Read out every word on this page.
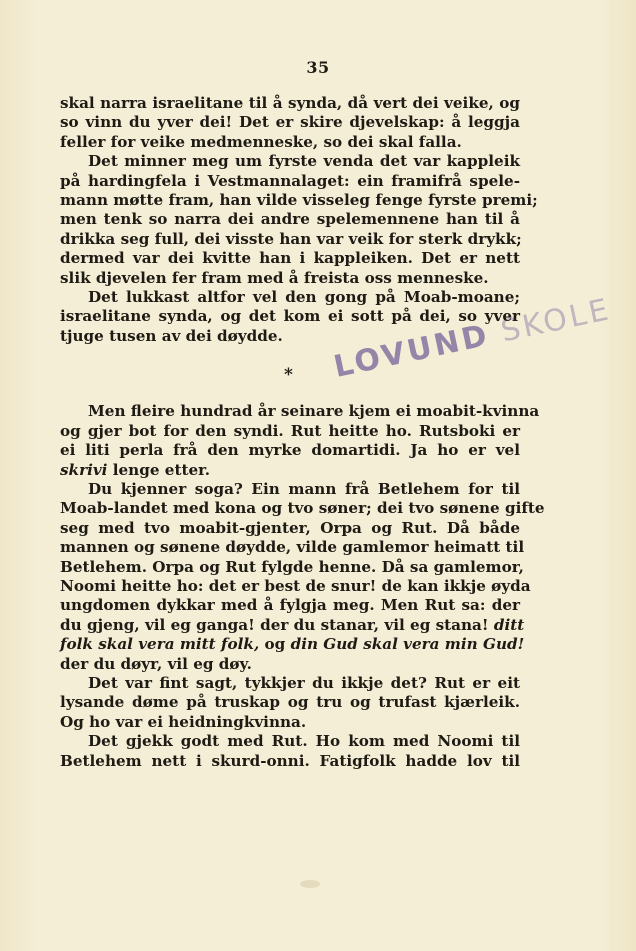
35
LOVUND SKOLE
skal narra israelitane til å synda, då vert dei veike, og
so vinn du yver dei! Det er skire djevelskap: å leggja
feller for veike medmenneske, so dei skal falla.
Det minner meg um fyrste venda det var kappleik
på hardingfela i Vestmannalaget: ein framifrå spele-
mann møtte fram, han vilde visseleg fenge fyrste premi;
men tenk so narra dei andre spelemennene han til å
drikka seg full, dei visste han var veik for sterk drykk;
dermed var dei kvitte han i kappleiken. Det er nett
slik djevelen fer fram med å freista oss menneske.
Det lukkast altfor vel den gong på Moab-moane;
israelitane synda, og det kom ei sott på dei, so yver
tjuge tusen av dei døydde.
*
Men fleire hundrad år seinare kjem ei moabit-kvinna
og gjer bot for den syndi. Rut heitte ho. Rutsboki er
ei liti perla frå den myrke domartidi. Ja ho er vel
skrivi lenge etter.
Du kjenner soga? Ein mann frå Betlehem for til
Moab-landet med kona og tvo søner; dei tvo sønene gifte
seg med tvo moabit-gjenter, Orpa og Rut. Då både
mannen og sønene døydde, vilde gamlemor heimatt til
Betlehem. Orpa og Rut fylgde henne. Då sa gamlemor,
Noomi heitte ho: det er best de snur! de kan ikkje øyda
ungdomen dykkar med å fylgja meg. Men Rut sa: der
du gjeng, vil eg ganga! der du stanar, vil eg stana! ditt
folk skal vera mitt folk, og din Gud skal vera min Gud!
der du døyr, vil eg døy.
Det var fint sagt, tykkjer du ikkje det? Rut er eit
lysande døme på truskap og tru og trufast kjærleik.
Og ho var ei heidningkvinna.
Det gjekk godt med Rut. Ho kom med Noomi til
Betlehem nett i skurd-onni. Fatigfolk hadde lov til
